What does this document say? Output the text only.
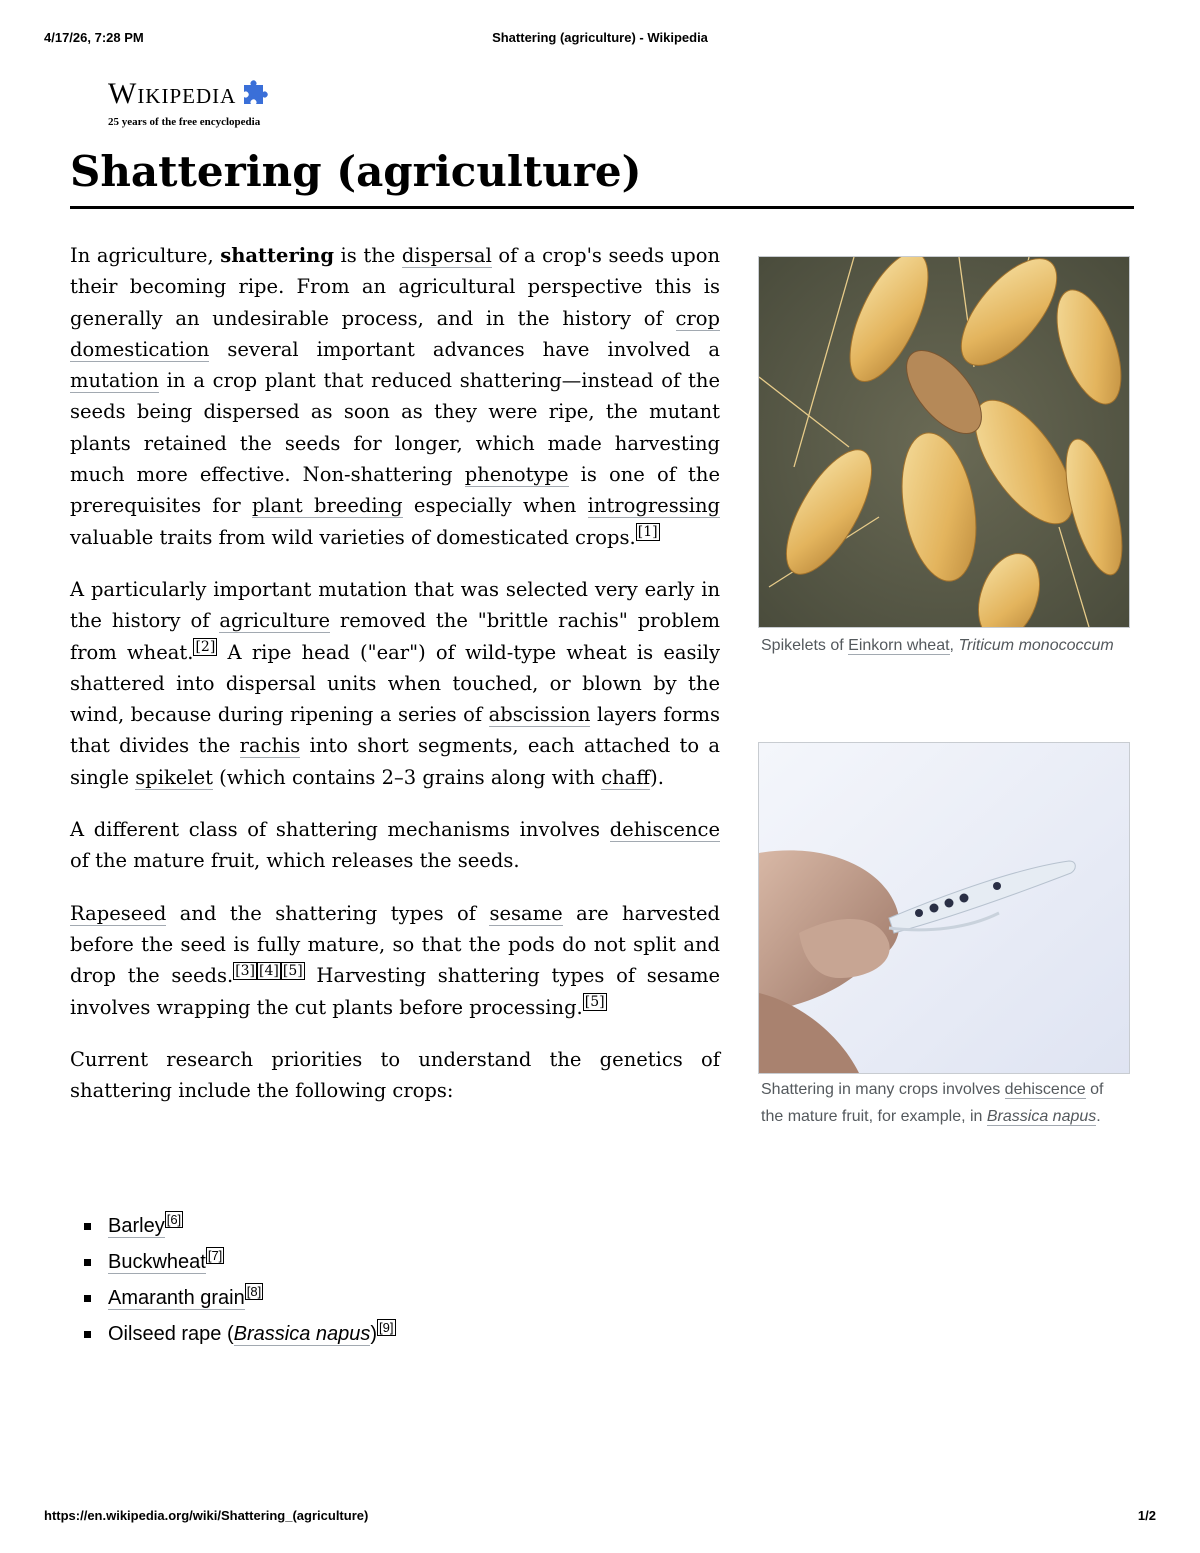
4/17/26, 7:28 PM	Shattering (agriculture) - Wikipedia
Wikipedia
25 years of the free encyclopedia
Shattering (agriculture)

In agriculture, shattering is the dispersal of a crop's seeds upon their becoming ripe. From an agricultural perspective this is generally an undesirable process, and in the history of crop domestication several important advances have involved a mutation in a crop plant that reduced shattering—instead of the seeds being dispersed as soon as they were ripe, the mutant plants retained the seeds for longer, which made harvesting much more effective. Non-shattering phenotype is one of the prerequisites for plant breeding especially when introgressing valuable traits from wild varieties of domesticated crops. [1]

A particularly important mutation that was selected very early in the history of agriculture removed the "brittle rachis" problem from wheat. [2] A ripe head ("ear") of wild-type wheat is easily shattered into dispersal units when touched, or blown by the wind, because during ripening a series of abscission layers forms that divides the rachis into short segments, each attached to a single spikelet (which contains 2–3 grains along with chaff).

A different class of shattering mechanisms involves dehiscence of the mature fruit, which releases the seeds.

Rapeseed and the shattering types of sesame are harvested before the seed is fully mature, so that the pods do not split and drop the seeds. [3] [4] [5] Harvesting shattering types of sesame involves wrapping the cut plants before processing. [5]

Current research priorities to understand the genetics of shattering include the following crops:

Barley [6]
Buckwheat [7]
Amaranth grain [8]
Oilseed rape (Brassica napus) [9]
Spikelets of Einkorn wheat, Triticum monococcum
Shattering in many crops involves dehiscence of the mature fruit, for example, in Brassica napus.
https://en.wikipedia.org/wiki/Shattering_(agriculture)	1/2
